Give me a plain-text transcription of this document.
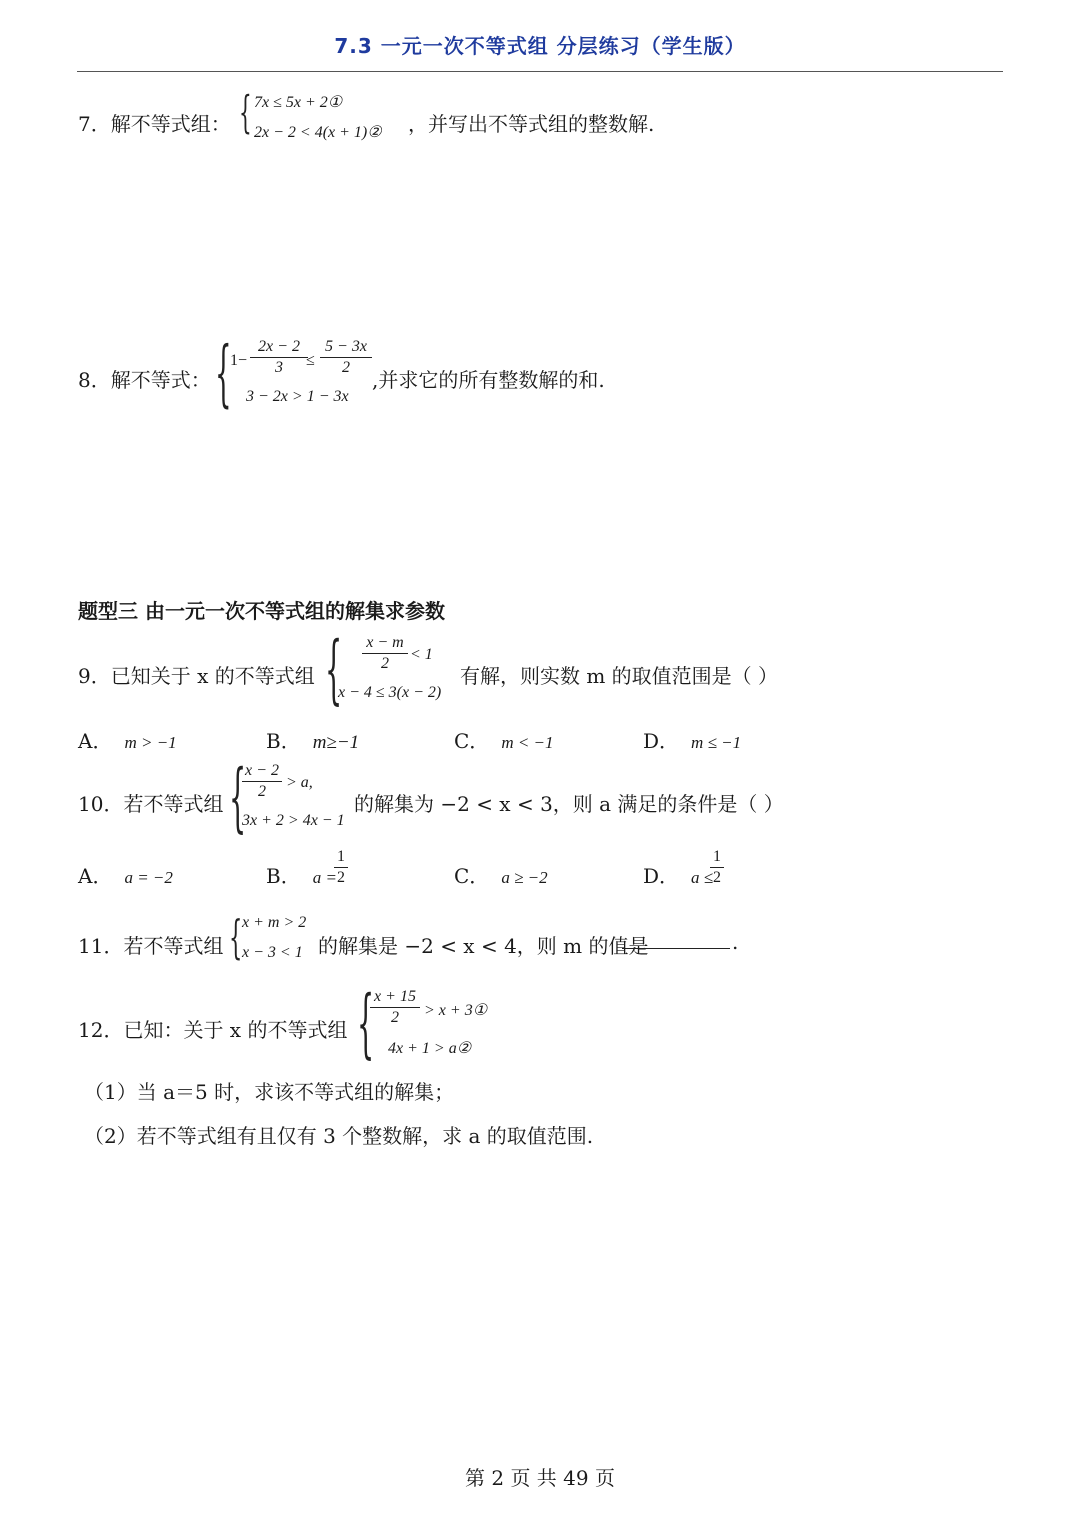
7.3 一元一次不等式组 分层练习（学生版）
7．解不等式组： { 7x ≤ 5x + 2①
2x − 2 < 4(x + 1)② ，并写出不等式组的整数解.
8．解不等式： {
1−
2x − 2
3	≤
5 − 3x
2
3 − 2x > 1 − 3x
,并求它的所有整数解的和.
题型三 由一元一次不等式组的解集求参数
9．已知关于 x 的不等式组 { x − m
2
< 1
x − 4 ≤ 3(x − 2)
有解，则实数 m 的取值范围是（ ）
A． m > −1	B． m≥−1	C． m < −1	D． m ≤ −1
10．若不等式组 {
x − 2
2
> a,
3x + 2 > 4x − 1
的解集为 −2 < x < 3，则 a 满足的条件是（ ）
A． a = −2	B． a =
1
2	C． a ≥ −2	D． a ≤
1
2
11．若不等式组 { x + m > 2
x − 3 < 1 的解集是 −2 < x < 4，则 m 的值是	.
12．已知：关于 x 的不等式组 { x + 15
2	> x + 3①
4x + 1 > a②
（1）当 a＝5 时，求该不等式组的解集；
（2）若不等式组有且仅有 3 个整数解，求 a 的取值范围.
第 2 页 共 49 页
